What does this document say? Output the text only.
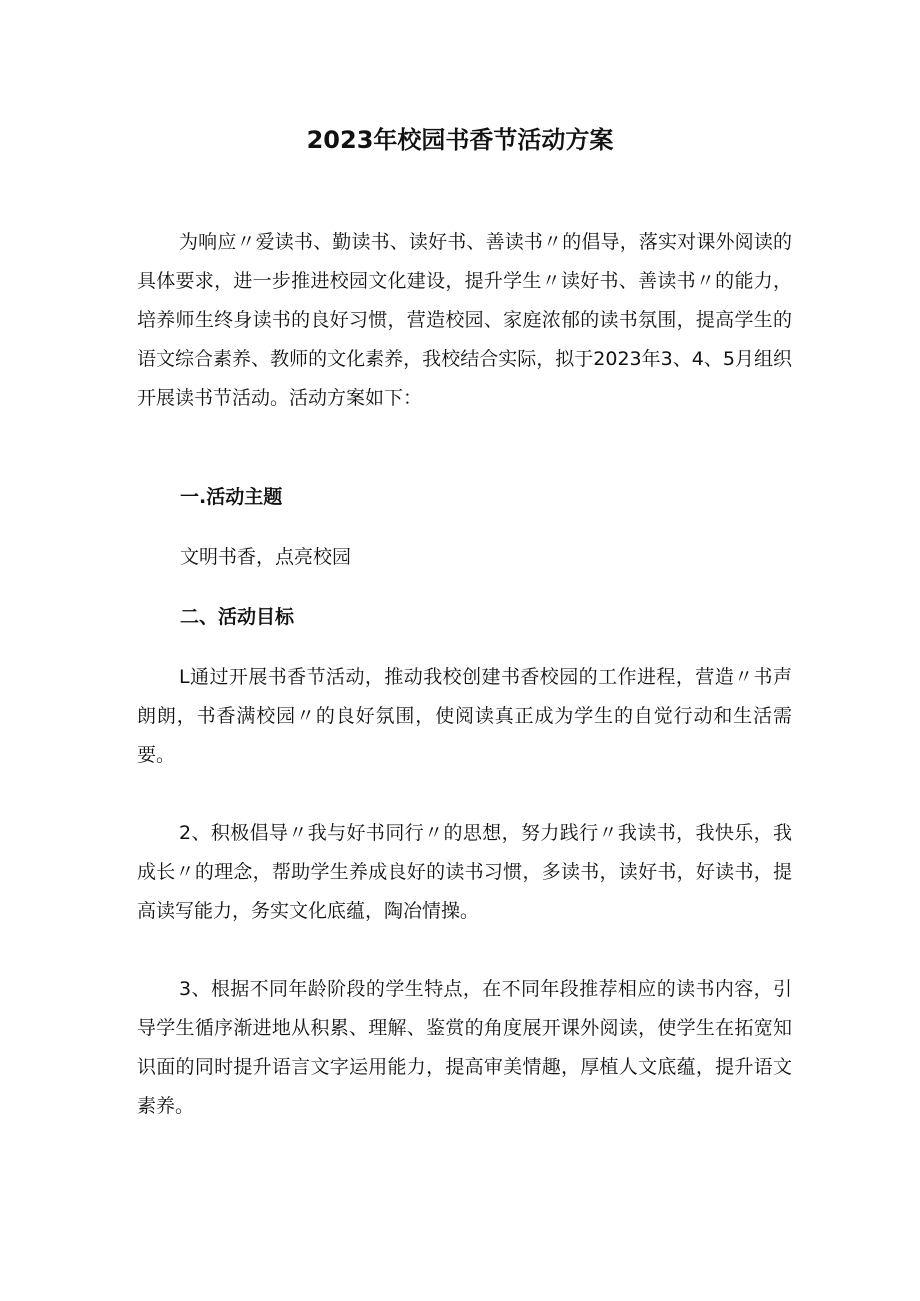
2023年校园书香节活动方案

为响应〃爱读书、勤读书、读好书、善读书〃的倡导，落实对课外阅读的具体要求，进一步推进校园文化建设，提升学生〃读好书、善读书〃的能力，培养师生终身读书的良好习惯，营造校园、家庭浓郁的读书氛围，提高学生的语文综合素养、教师的文化素养，我校结合实际，拟于2023年3、4、5月组织开展读书节活动。活动方案如下：

一.活动主题
文明书香，点亮校园
二、活动目标

L通过开展书香节活动，推动我校创建书香校园的工作进程，营造〃书声朗朗，书香满校园〃的良好氛围，使阅读真正成为学生的自觉行动和生活需要。

2、积极倡导〃我与好书同行〃的思想，努力践行〃我读书，我快乐，我成长〃的理念，帮助学生养成良好的读书习惯，多读书，读好书，好读书，提高读写能力，务实文化底蕴，陶冶情操。

3、根据不同年龄阶段的学生特点，在不同年段推荐相应的读书内容，引导学生循序渐进地从积累、理解、鉴赏的角度展开课外阅读，使学生在拓宽知识面的同时提升语言文字运用能力，提高审美情趣，厚植人文底蕴，提升语文素养。
